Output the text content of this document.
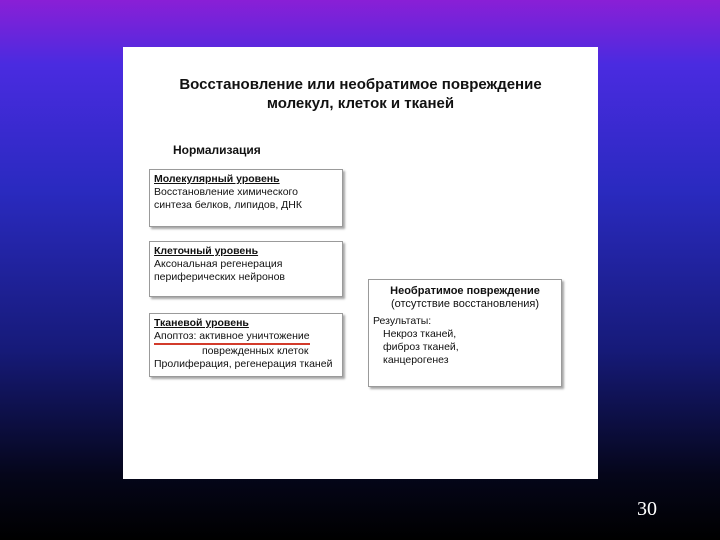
Восстановление или необратимое повреждение
молекул, клеток и тканей
Нормализация
Молекулярный уровень
Восстановление химического
синтеза белков, липидов, ДНК
Клеточный уровень
Аксональная регенерация
периферических нейронов
Тканевой уровень
Апоптоз: активное уничтожение
поврежденных клеток
Пролиферация, регенерация тканей
Необратимое повреждение
(отсутствие восстановления)
Результаты:
Некроз тканей,
фиброз тканей,
канцерогенез
30
